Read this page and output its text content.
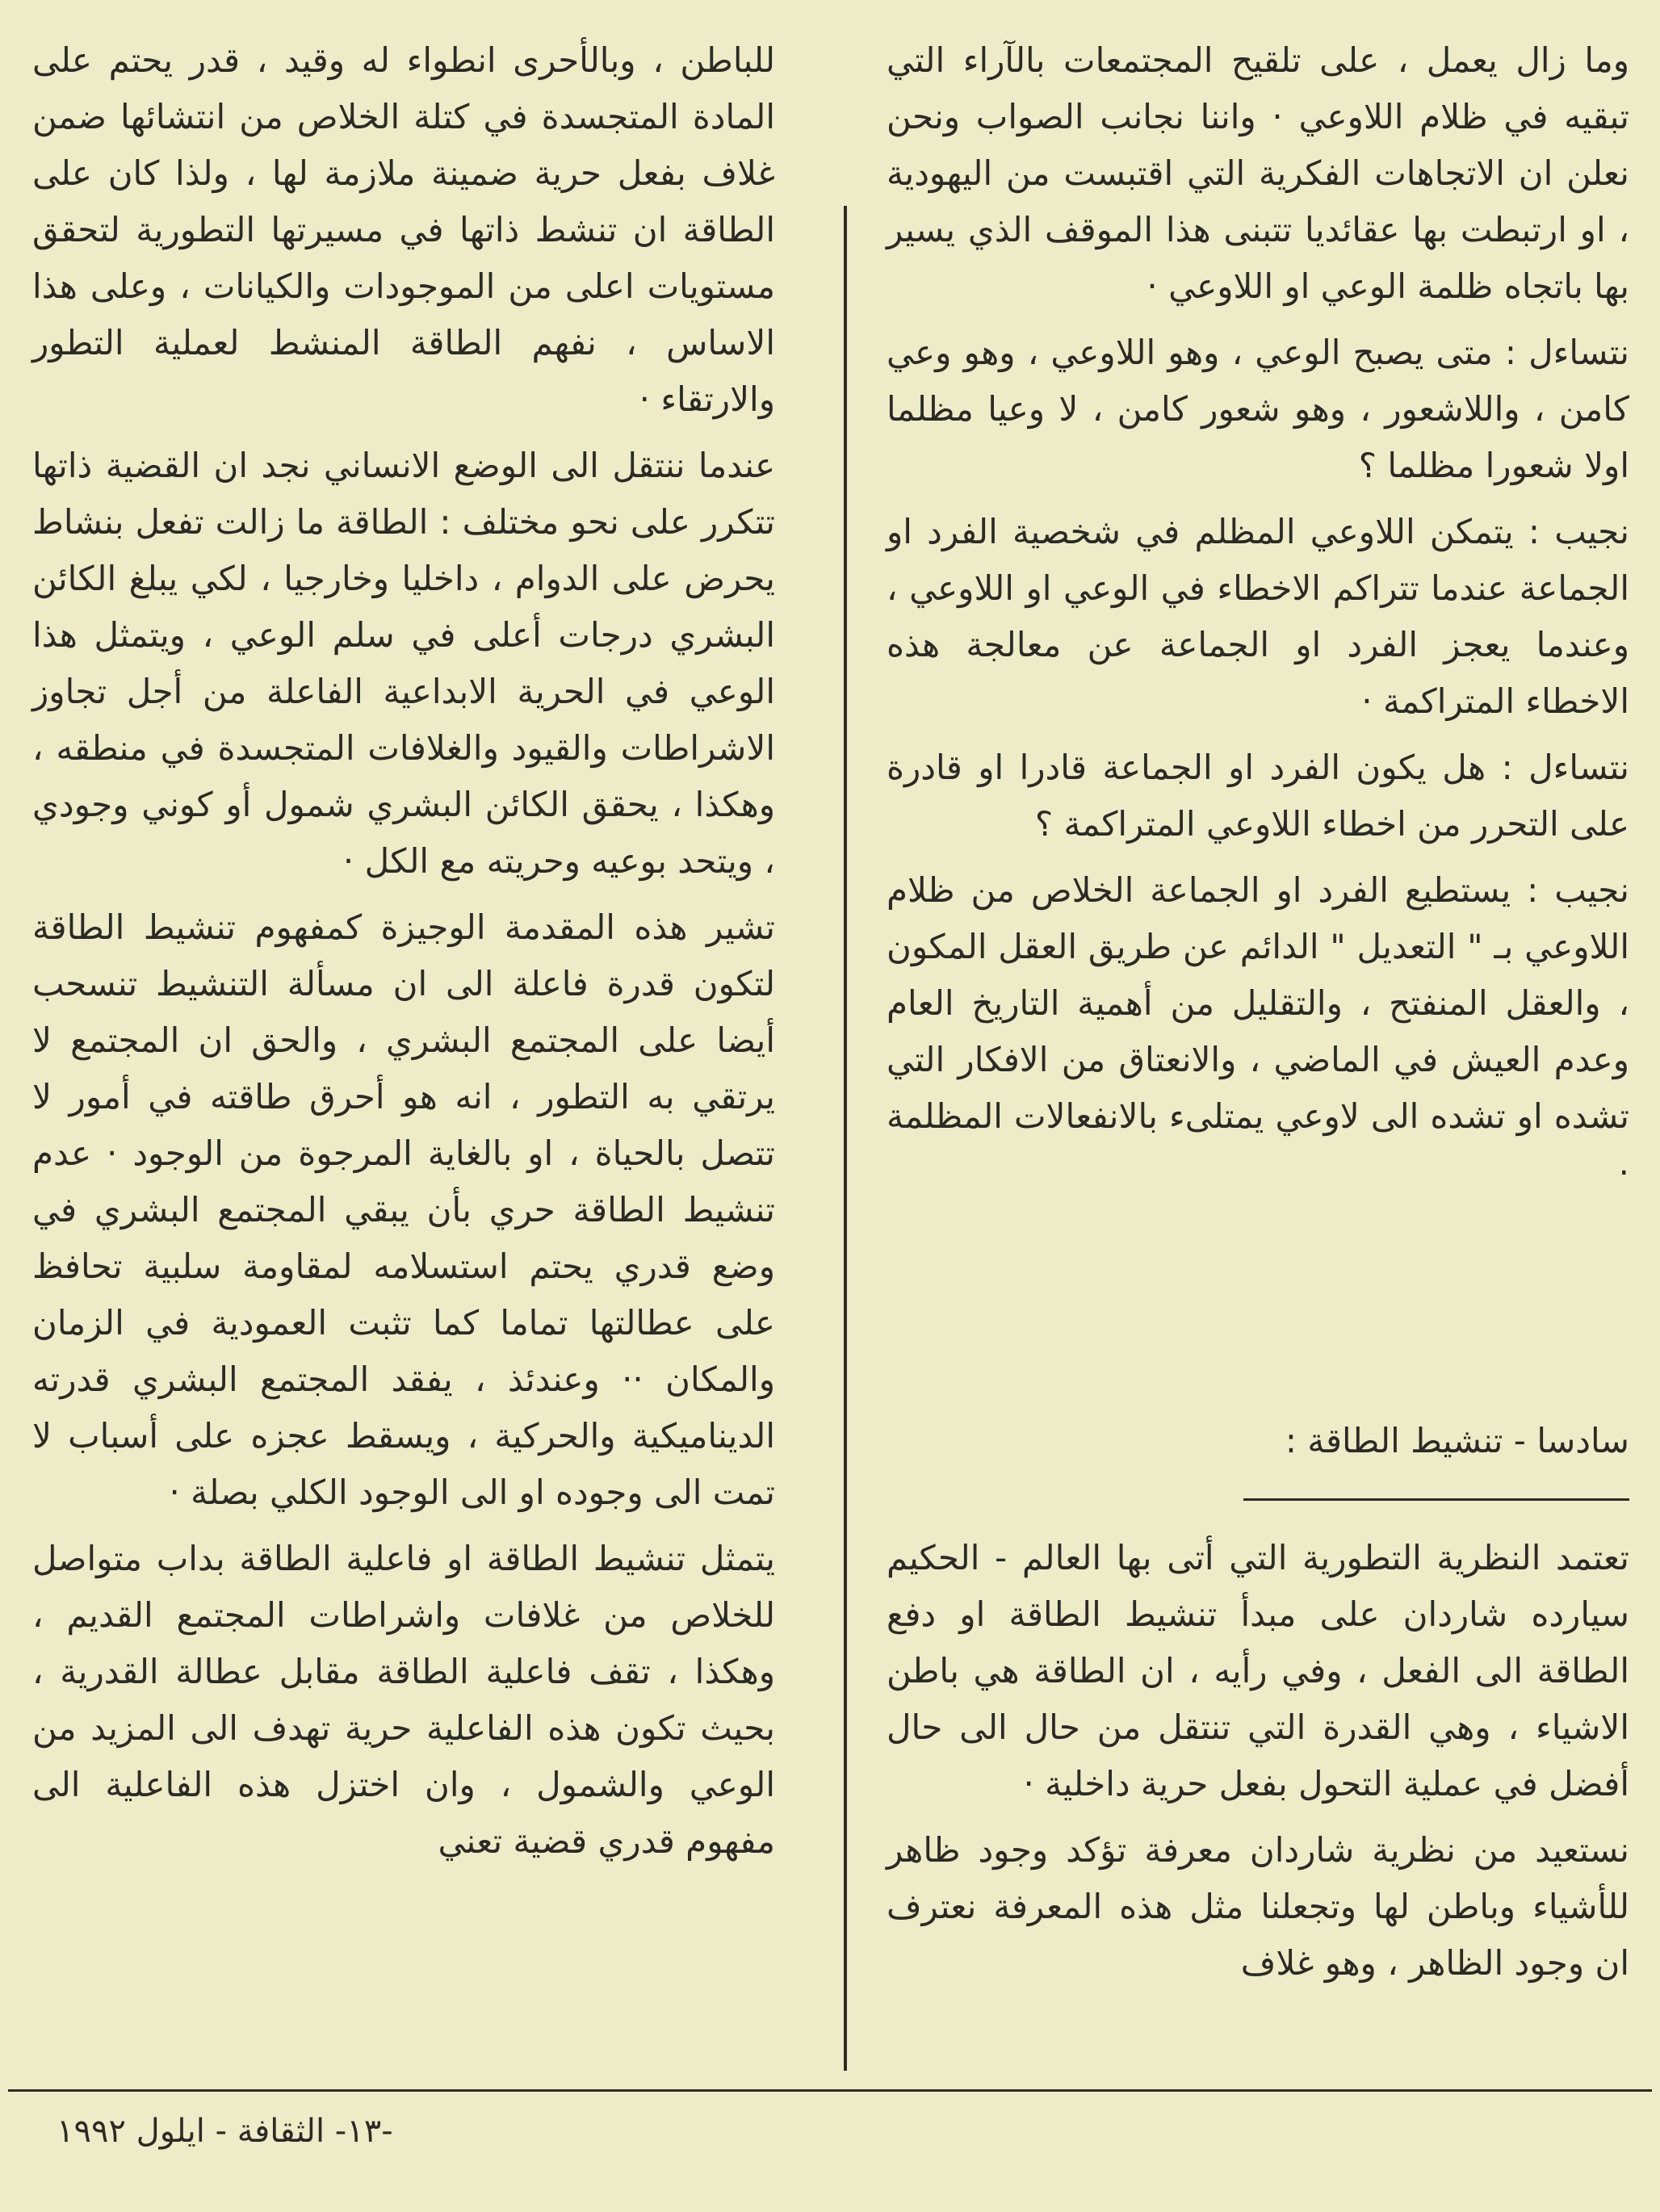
وما زال يعمل ، على تلقيح المجتمعات بالآراء التي تبقيه في ظلام اللاوعي · واننا نجانب الصواب ونحن نعلن ان الاتجاهات الفكرية التي اقتبست من اليهودية ، او ارتبطت بها عقائديا تتبنى هذا الموقف الذي يسير بها باتجاه ظلمة الوعي او اللاوعي ·

نتساءل : متى يصبح الوعي ، وهو اللاوعي ، وهو وعي كامن ، واللاشعور ، وهو شعور كامن ، لا وعيا مظلما اولا شعورا مظلما ؟

نجيب : يتمكن اللاوعي المظلم في شخصية الفرد او الجماعة عندما تتراكم الاخطاء في الوعي او اللاوعي ، وعندما يعجز الفرد او الجماعة عن معالجة هذه الاخطاء المتراكمة ·

نتساءل : هل يكون الفرد او الجماعة قادرا او قادرة على التحرر من اخطاء اللاوعي المتراكمة ؟

نجيب : يستطيع الفرد او الجماعة الخلاص من ظلام اللاوعي بـ " التعديل " الدائم عن طريق العقل المكون ، والعقل المنفتح ، والتقليل من أهمية التاريخ العام وعدم العيش في الماضي ، والانعتاق من الافكار التي تشده او تشده الى لاوعي يمتلىء بالانفعالات المظلمة ·

سادسا - تنشيط الطاقة :

تعتمد النظرية التطورية التي أتى بها العالم - الحكيم سيارده شاردان على مبدأ تنشيط الطاقة او دفع الطاقة الى الفعل ، وفي رأيه ، ان الطاقة هي باطن الاشياء ، وهي القدرة التي تنتقل من حال الى حال أفضل في عملية التحول بفعل حرية داخلية ·

نستعيد من نظرية شاردان معرفة تؤكد وجود ظاهر للأشياء وباطن لها وتجعلنا مثل هذه المعرفة نعترف ان وجود الظاهر ، وهو غلاف

للباطن ، وبالأحرى انطواء له وقيد ، قدر يحتم على المادة المتجسدة في كتلة الخلاص من انتشائها ضمن غلاف بفعل حرية ضمينة ملازمة لها ، ولذا كان على الطاقة ان تنشط ذاتها في مسيرتها التطورية لتحقق مستويات اعلى من الموجودات والكيانات ، وعلى هذا الاساس ، نفهم الطاقة المنشط لعملية التطور والارتقاء ·

عندما ننتقل الى الوضع الانساني نجد ان القضية ذاتها تتكرر على نحو مختلف : الطاقة ما زالت تفعل بنشاط يحرض على الدوام ، داخليا وخارجيا ، لكي يبلغ الكائن البشري درجات أعلى في سلم الوعي ، ويتمثل هذا الوعي في الحرية الابداعية الفاعلة من أجل تجاوز الاشراطات والقيود والغلافات المتجسدة في منطقه ، وهكذا ، يحقق الكائن البشري شمول أو كوني وجودي ، ويتحد بوعيه وحريته مع الكل ·

تشير هذه المقدمة الوجيزة كمفهوم تنشيط الطاقة لتكون قدرة فاعلة الى ان مسألة التنشيط تنسحب أيضا على المجتمع البشري ، والحق ان المجتمع لا يرتقي به التطور ، انه هو أحرق طاقته في أمور لا تتصل بالحياة ، او بالغاية المرجوة من الوجود · عدم تنشيط الطاقة حري بأن يبقي المجتمع البشري في وضع قدري يحتم استسلامه لمقاومة سلبية تحافظ على عطالتها تماما كما تثبت العمودية في الزمان والمكان ·· وعندئذ ، يفقد المجتمع البشري قدرته الديناميكية والحركية ، ويسقط عجزه على أسباب لا تمت الى وجوده او الى الوجود الكلي بصلة ·

يتمثل تنشيط الطاقة او فاعلية الطاقة بداب متواصل للخلاص من غلافات واشراطات المجتمع القديم ، وهكذا ، تقف فاعلية الطاقة مقابل عطالة القدرية ، بحيث تكون هذه الفاعلية حرية تهدف الى المزيد من الوعي والشمول ، وان اختزل هذه الفاعلية الى مفهوم قدري قضية تعني

-١٣- الثقافة - ايلول ١٩٩٢
